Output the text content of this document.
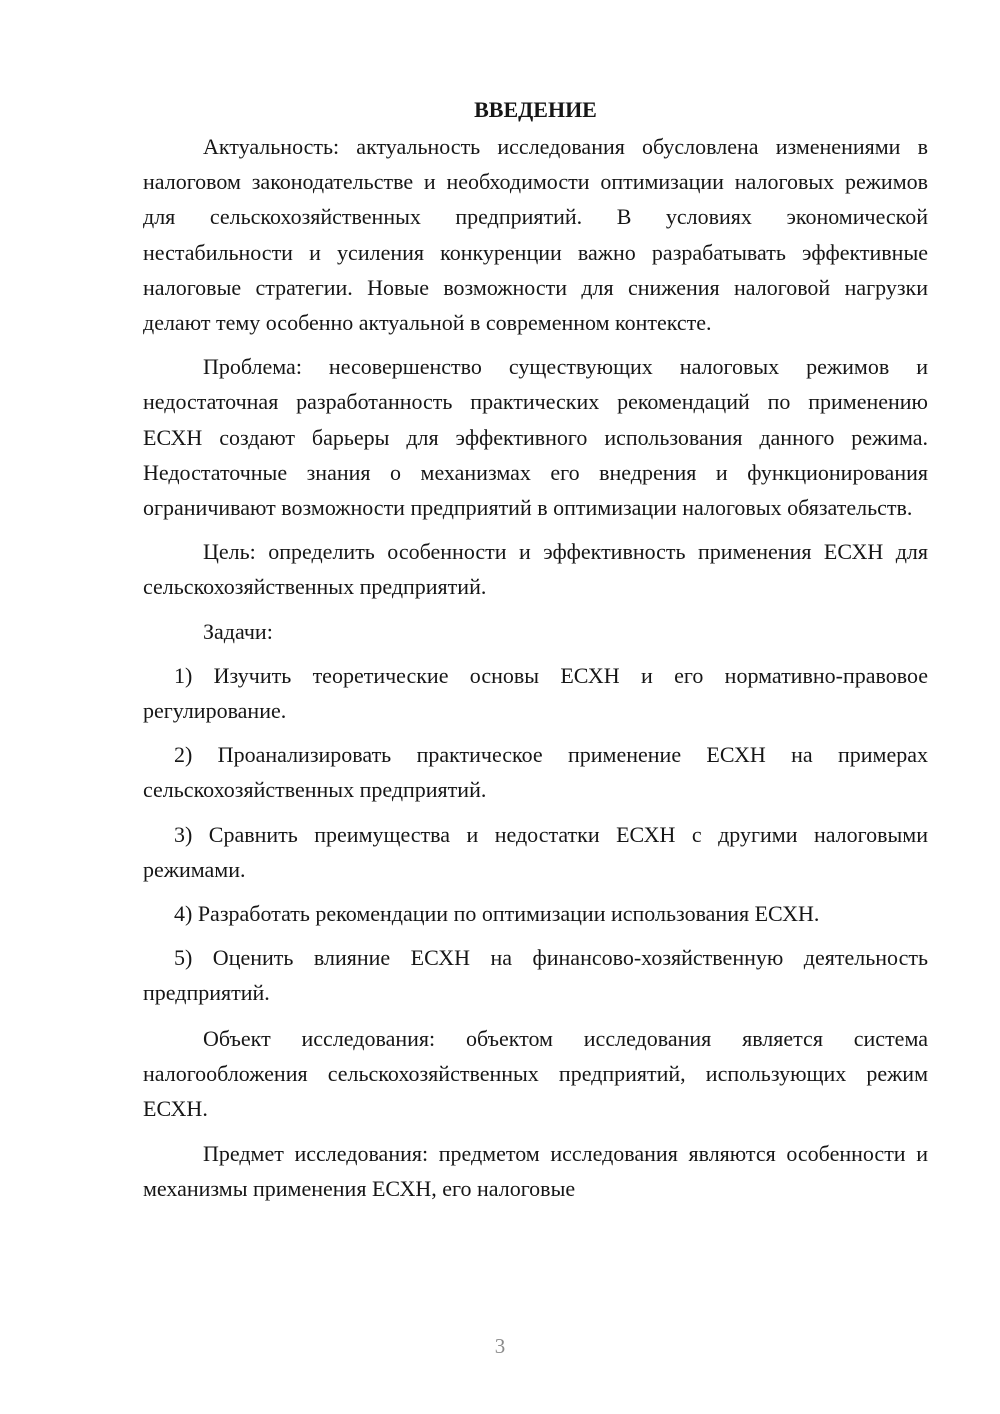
ВВЕДЕНИЕ
Актуальность: актуальность исследования обусловлена изменениями в налоговом законодательстве и необходимости оптимизации налоговых режимов для сельскохозяйственных предприятий. В условиях экономической нестабильности и усиления конкуренции важно разрабатывать эффективные налоговые стратегии. Новые возможности для снижения налоговой нагрузки делают тему особенно актуальной в современном контексте.
Проблема: несовершенство существующих налоговых режимов и недостаточная разработанность практических рекомендаций по применению ЕСХН создают барьеры для эффективного использования данного режима. Недостаточные знания о механизмах его внедрения и функционирования ограничивают возможности предприятий в оптимизации налоговых обязательств.
Цель: определить особенности и эффективность применения ЕСХН для сельскохозяйственных предприятий.
Задачи:
1) Изучить теоретические основы ЕСХН и его нормативно-правовое регулирование.
2) Проанализировать практическое применение ЕСХН на примерах сельскохозяйственных предприятий.
3) Сравнить преимущества и недостатки ЕСХН с другими налоговыми режимами.
4) Разработать рекомендации по оптимизации использования ЕСХН.
5) Оценить влияние ЕСХН на финансово-хозяйственную деятельность предприятий.
Объект исследования: объектом исследования является система налогообложения сельскохозяйственных предприятий, использующих режим ЕСХН.
Предмет исследования: предметом исследования являются особенности и механизмы применения ЕСХН, его налоговые
3
